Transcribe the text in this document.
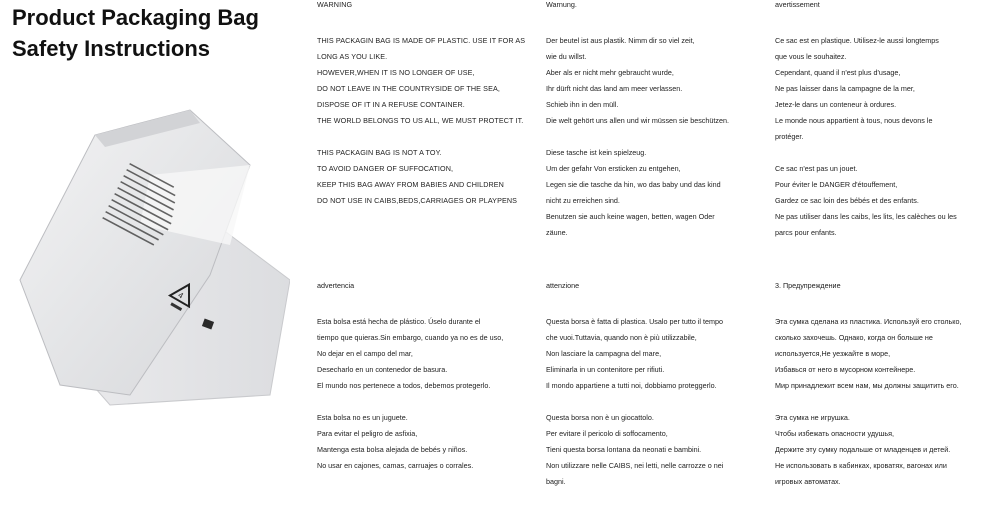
Product Packaging Bag
Safety Instructions
4
WARNING
THIS PACKAGIN BAG IS MADE OF PLASTIC. USE IT FOR AS
LONG AS YOU LIKE.
HOWEVER,WHEN IT IS NO LONGER OF USE,
DO NOT LEAVE IN THE COUNTRYSIDE OF THE SEA,
DISPOSE OF IT IN A REFUSE CONTAINER.
THE WORLD BELONGS TO US ALL, WE MUST PROTECT IT.
THIS PACKAGIN BAG IS NOT A TOY.
TO AVOID DANGER OF SUFFOCATION,
KEEP THIS BAG AWAY FROM BABIES AND CHILDREN
DO NOT USE IN CAIBS,BEDS,CARRIAGES OR PLAYPENS
Warnung.
Der beutel ist aus plastik. Nimm dir so viel zeit,
wie du willst.
Aber als er nicht mehr gebraucht wurde,
Ihr dürft nicht das land am meer verlassen.
Schieb ihn in den müll.
Die welt gehört uns allen und wir müssen sie beschützen.
Diese tasche ist kein spielzeug.
Um der gefahr Von ersticken zu entgehen,
Legen sie die tasche da hin, wo das baby und das kind
nicht zu erreichen sind.
Benutzen sie auch keine wagen, betten, wagen Oder
zäune.
avertissement
Ce sac est en plastique. Utilisez-le aussi longtemps
que vous le souhaitez.
Cependant, quand il n'est plus d'usage,
Ne pas laisser dans la campagne de la mer,
Jetez-le dans un conteneur à ordures.
Le monde nous appartient à tous, nous devons le
protéger.
Ce sac n'est pas un jouet.
Pour éviter le DANGER d'étouffement,
Gardez ce sac loin des bébés et des enfants.
Ne pas utiliser dans les caibs, les lits, les calèches ou les
parcs pour enfants.
advertencia
Esta bolsa está hecha de plástico. Úselo durante el
tiempo que quieras.Sin embargo, cuando ya no es de uso,
No dejar en el campo del mar,
Desecharlo en un contenedor de basura.
El mundo nos pertenece a todos, debemos protegerlo.
Esta bolsa no es un juguete.
Para evitar el peligro de asfixia,
Mantenga esta bolsa alejada de bebés y niños.
No usar en cajones, camas, carruajes o corrales.
attenzione
Questa borsa è fatta di plastica. Usalo per tutto il tempo
che vuoi.Tuttavia, quando non è più utilizzabile,
Non lasciare la campagna del mare,
Eliminarla in un contenitore per rifiuti.
Il mondo appartiene a tutti noi, dobbiamo proteggerlo.
Questa borsa non è un giocattolo.
Per evitare il pericolo di soffocamento,
Tieni questa borsa lontana da neonati e bambini.
Non utilizzare nelle CAIBS, nei letti, nelle carrozze o nei
bagni.
3. Предупреждение
Эта сумка сделана из пластика. Используй его столько,
сколько захочешь. Однако, когда он больше не
используется,Не уезжайте в море,
Избавься от него в мусорном контейнере.
Мир принадлежит всем нам, мы должны защитить его.
Эта сумка не игрушка.
Чтобы избежать опасности удушья,
Держите эту сумку подальше от младенцев и детей.
Не использовать в кабинках, кроватях, вагонах или
игровых автоматах.
